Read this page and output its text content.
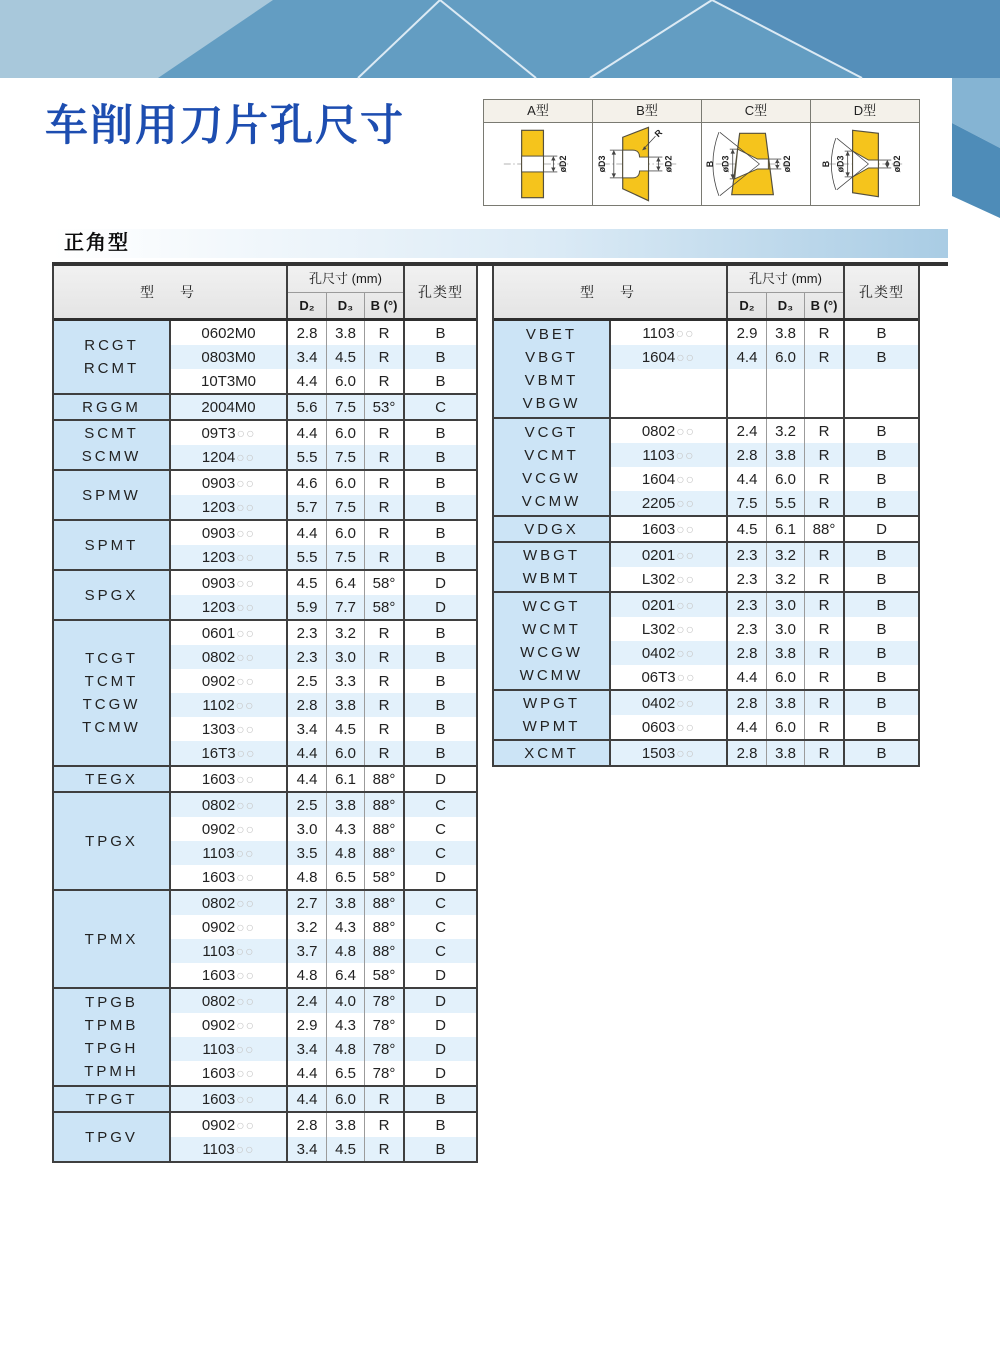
车削用刀片孔尺寸	A型
øD2
B型
øD3	øD2
R
C型
B øD3	øD2
D型
B øD3	øD2
正角型
型　号
孔尺寸 (mm)
D₂	D₃	B (°)
孔类型
RCGT
RCMT
0602M0	2.8	3.8	R	B
0803M0	3.4	4.5	R	B
10T3M0	4.4	6.0	R	B
RGGM	2004M0	5.6	7.5	53°	C
SCMT
SCMW
09T3 ○○	4.4	6.0	R	B
1204 ○○	5.5	7.5	R	B
SPMW
0903 ○○	4.6	6.0	R	B
1203 ○○	5.7	7.5	R	B
SPMT
0903 ○○	4.4	6.0	R	B
1203 ○○	5.5	7.5	R	B
SPGX
0903 ○○	4.5	6.4	58°	D
1203 ○○	5.9	7.7	58°	D
TCGT
TCMT
TCGW
TCMW
0601 ○○	2.3	3.2	R	B
0802 ○○	2.3	3.0	R	B
0902 ○○	2.5	3.3	R	B
1102 ○○	2.8	3.8	R	B
1303 ○○	3.4	4.5	R	B
16T3 ○○	4.4	6.0	R	B
TEGX	1603 ○○	4.4	6.1	88°	D
TPGX
0802 ○○	2.5	3.8	88°	C
0902 ○○	3.0	4.3	88°	C
1103 ○○	3.5	4.8	88°	C
1603 ○○	4.8	6.5	58°	D
TPMX
0802 ○○	2.7	3.8	88°	C
0902 ○○	3.2	4.3	88°	C
1103 ○○	3.7	4.8	88°	C
1603 ○○	4.8	6.4	58°	D
TPGB
TPMB
TPGH
TPMH
0802 ○○	2.4	4.0	78°	D
0902 ○○	2.9	4.3	78°	D
1103 ○○	3.4	4.8	78°	D
1603 ○○	4.4	6.5	78°	D
TPGT	1603 ○○	4.4	6.0	R	B
TPGV
0902 ○○	2.8	3.8	R	B
1103 ○○	3.4	4.5	R	B
型　号
孔尺寸 (mm)
D₂	D₃	B (°)
孔类型
VBET
VBGT
VBMT
VBGW
1103 ○○	2.9	3.8	R	B
1604 ○○	4.4	6.0	R	B
VCGT
VCMT
VCGW
VCMW
0802 ○○	2.4	3.2	R	B
1103 ○○	2.8	3.8	R	B
1604 ○○	4.4	6.0	R	B
2205 ○○	7.5	5.5	R	B
VDGX	1603 ○○	4.5	6.1	88°	D
WBGT
WBMT
0201 ○○	2.3	3.2	R	B
L302 ○○	2.3	3.2	R	B
WCGT
WCMT
WCGW
WCMW
0201 ○○	2.3	3.0	R	B
L302 ○○	2.3	3.0	R	B
0402 ○○	2.8	3.8	R	B
06T3 ○○	4.4	6.0	R	B
WPGT
WPMT
0402 ○○	2.8	3.8	R	B
0603 ○○	4.4	6.0	R	B
XCMT	1503 ○○	2.8	3.8	R	B
